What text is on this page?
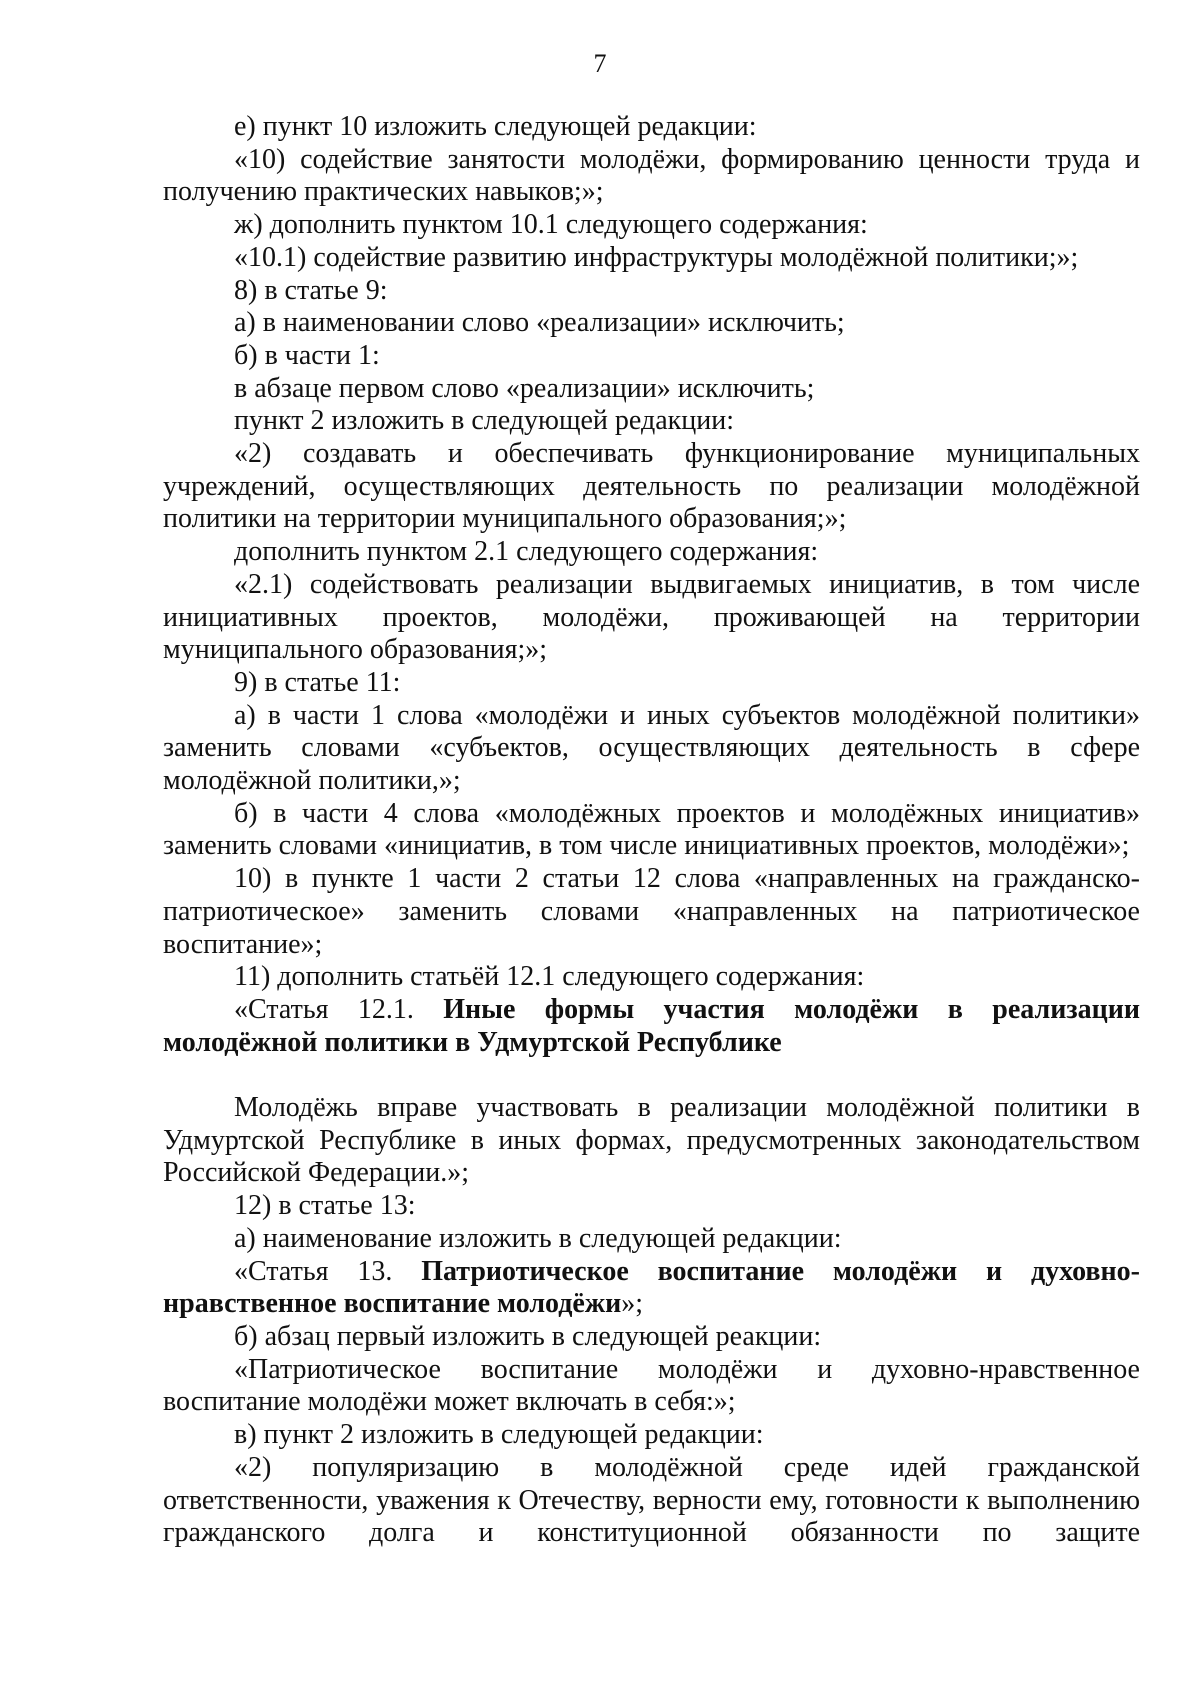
7

е) пункт 10 изложить следующей редакции:

«10) содействие занятости молодёжи, формированию ценности труда и получению практических навыков;»;

ж) дополнить пунктом 10.1 следующего содержания:

«10.1) содействие развитию инфраструктуры молодёжной политики;»;

8) в статье 9:

а) в наименовании слово «реализации» исключить;

б) в части 1:

в абзаце первом слово «реализации» исключить;

пункт 2 изложить в следующей редакции:

«2) создавать и обеспечивать функционирование муниципальных учреждений, осуществляющих деятельность по реализации молодёжной политики на территории муниципального образования;»;

дополнить пунктом 2.1 следующего содержания:

«2.1) содействовать реализации выдвигаемых инициатив, в том числе инициативных проектов, молодёжи, проживающей на территории муниципального образования;»;

9) в статье 11:

а) в части 1 слова «молодёжи и иных субъектов молодёжной политики» заменить словами «субъектов, осуществляющих деятельность в сфере молодёжной политики,»;

б) в части 4 слова «молодёжных проектов и молодёжных инициатив» заменить словами «инициатив, в том числе инициативных проектов, молодёжи»;

10) в пункте 1 части 2 статьи 12 слова «направленных на гражданско-патриотическое» заменить словами «направленных на патриотическое воспитание»;

11) дополнить статьёй 12.1 следующего содержания:

«Статья 12.1. Иные формы участия молодёжи в реализации молодёжной политики в Удмуртской Республике

Молодёжь вправе участвовать в реализации молодёжной политики в Удмуртской Республике в иных формах, предусмотренных законодательством Российской Федерации.»;

12) в статье 13:

а) наименование изложить в следующей редакции:

«Статья 13. Патриотическое воспитание молодёжи и духовно-нравственное воспитание молодёжи»;

б) абзац первый изложить в следующей реакции:

«Патриотическое воспитание молодёжи и духовно-нравственное воспитание молодёжи может включать в себя:»;

в) пункт 2 изложить в следующей редакции:

«2) популяризацию в молодёжной среде идей гражданской ответственности, уважения к Отечеству, верности ему, готовности к выполнению гражданского долга и конституционной обязанности по защите
